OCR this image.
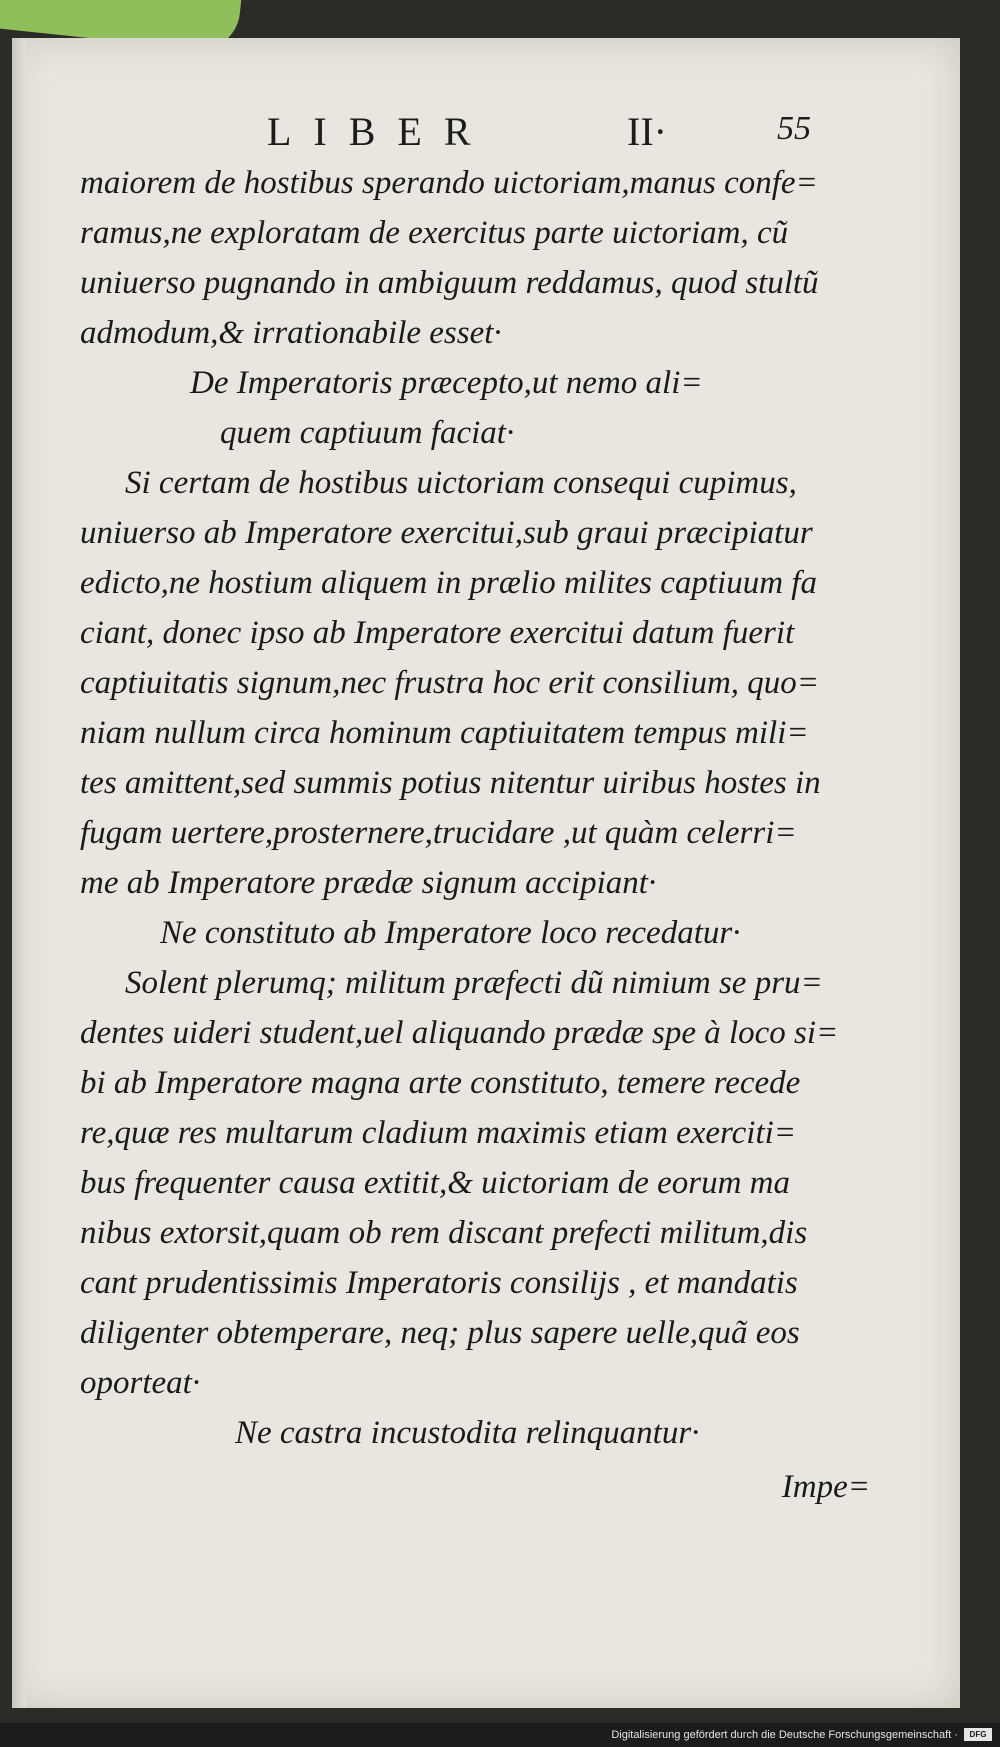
LIBER	II·	55
maiorem de hostibus sperando uictoriam,manus confe=
ramus,ne exploratam de exercitus parte uictoriam, cũ
uniuerso pugnando in ambiguum reddamus, quod stultũ
admodum,& irrationabile esset·
De Imperatoris præcepto,ut nemo ali=
quem captiuum faciat·
Si certam de hostibus uictoriam consequi cupimus,
uniuerso ab Imperatore exercitui,sub graui præcipiatur
edicto,ne hostium aliquem in prælio milites captiuum fa
ciant, donec ipso ab Imperatore exercitui datum fuerit
captiuitatis signum,nec frustra hoc erit consilium, quo=
niam nullum circa hominum captiuitatem tempus mili=
tes amittent,sed summis potius nitentur uiribus hostes in
fugam uertere,prosternere,trucidare ,ut quàm celerri=
me ab Imperatore prædæ signum accipiant·
Ne constituto ab Imperatore loco recedatur·
Solent plerumq; militum præfecti dũ nimium se pru=
dentes uideri student,uel aliquando prædæ spe à loco si=
bi ab Imperatore magna arte constituto, temere recede
re,quæ res multarum cladium maximis etiam exerciti=
bus frequenter causa extitit,& uictoriam de eorum ma
nibus extorsit,quam ob rem discant prefecti militum,dis
cant prudentissimis Imperatoris consilijs , et mandatis
diligenter obtemperare, neq; plus sapere uelle,quã eos
oporteat·
Ne castra incustodita relinquantur·
Impe=
Digitalisierung gefördert durch die Deutsche Forschungsgemeinschaft ·	DFG
